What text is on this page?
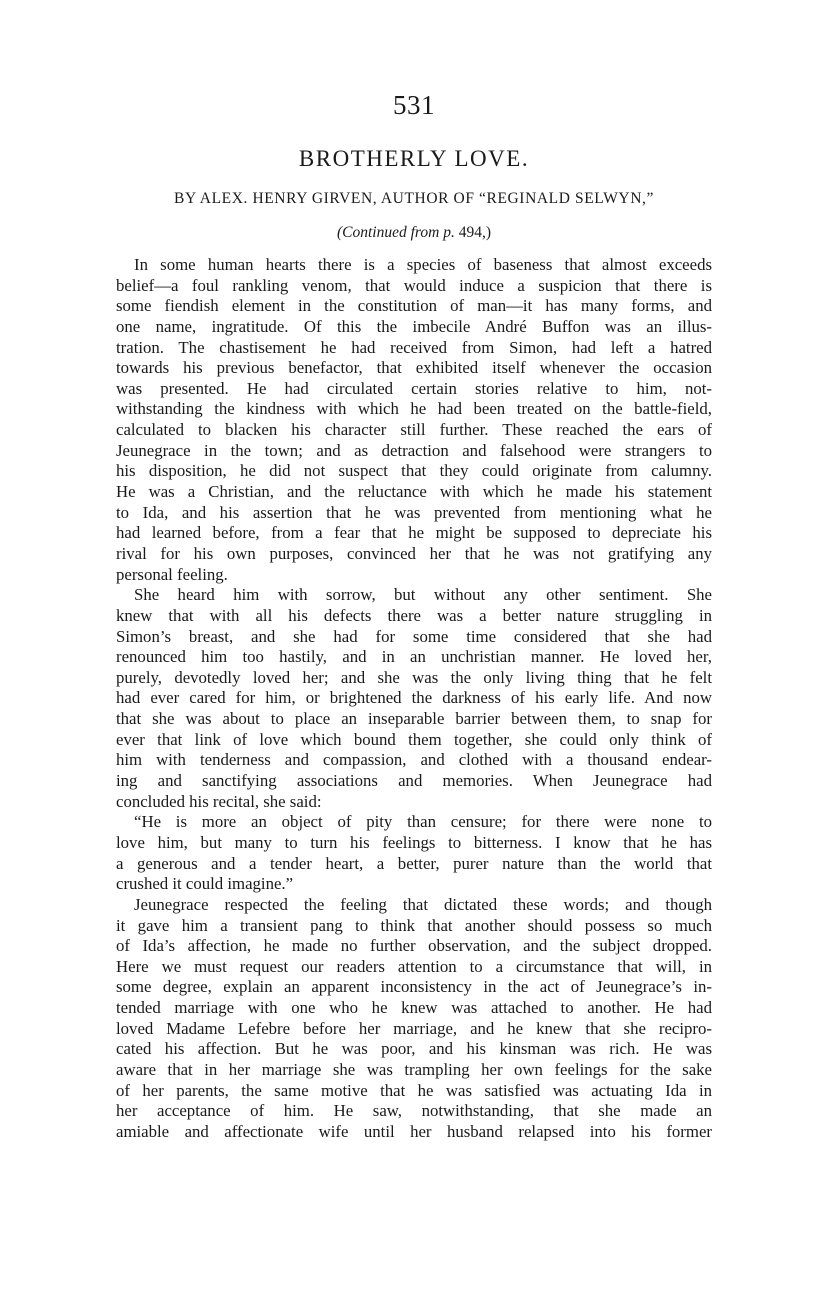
531
BROTHERLY LOVE.
BY ALEX. HENRY GIRVEN, AUTHOR OF “REGINALD SELWYN,”
(Continued from p. 494,)
In some human hearts there is a species of baseness that almost exceeds
belief—a foul rankling venom, that would induce a suspicion that there is
some fiendish element in the constitution of man—it has many forms, and
one name, ingratitude. Of this the imbecile André Buffon was an illus-
tration. The chastisement he had received from Simon, had left a hatred
towards his previous benefactor, that exhibited itself whenever the occasion
was presented. He had circulated certain stories relative to him, not-
withstanding the kindness with which he had been treated on the battle-field,
calculated to blacken his character still further. These reached the ears of
Jeunegrace in the town; and as detraction and falsehood were strangers to
his disposition, he did not suspect that they could originate from calumny.
He was a Christian, and the reluctance with which he made his statement
to Ida, and his assertion that he was prevented from mentioning what he
had learned before, from a fear that he might be supposed to depreciate his
rival for his own purposes, convinced her that he was not gratifying any
personal feeling.
She heard him with sorrow, but without any other sentiment. She
knew that with all his defects there was a better nature struggling in
Simon’s breast, and she had for some time considered that she had
renounced him too hastily, and in an unchristian manner. He loved her,
purely, devotedly loved her; and she was the only living thing that he felt
had ever cared for him, or brightened the darkness of his early life. And now
that she was about to place an inseparable barrier between them, to snap for
ever that link of love which bound them together, she could only think of
him with tenderness and compassion, and clothed with a thousand endear-
ing and sanctifying associations and memories. When Jeunegrace had
concluded his recital, she said:
“He is more an object of pity than censure; for there were none to
love him, but many to turn his feelings to bitterness. I know that he has
a generous and a tender heart, a better, purer nature than the world that
crushed it could imagine.”
Jeunegrace respected the feeling that dictated these words; and though
it gave him a transient pang to think that another should possess so much
of Ida’s affection, he made no further observation, and the subject dropped.
Here we must request our readers attention to a circumstance that will, in
some degree, explain an apparent inconsistency in the act of Jeunegrace’s in-
tended marriage with one who he knew was attached to another. He had
loved Madame Lefebre before her marriage, and he knew that she recipro-
cated his affection. But he was poor, and his kinsman was rich. He was
aware that in her marriage she was trampling her own feelings for the sake
of her parents, the same motive that he was satisfied was actuating Ida in
her acceptance of him. He saw, notwithstanding, that she made an
amiable and affectionate wife until her husband relapsed into his former
